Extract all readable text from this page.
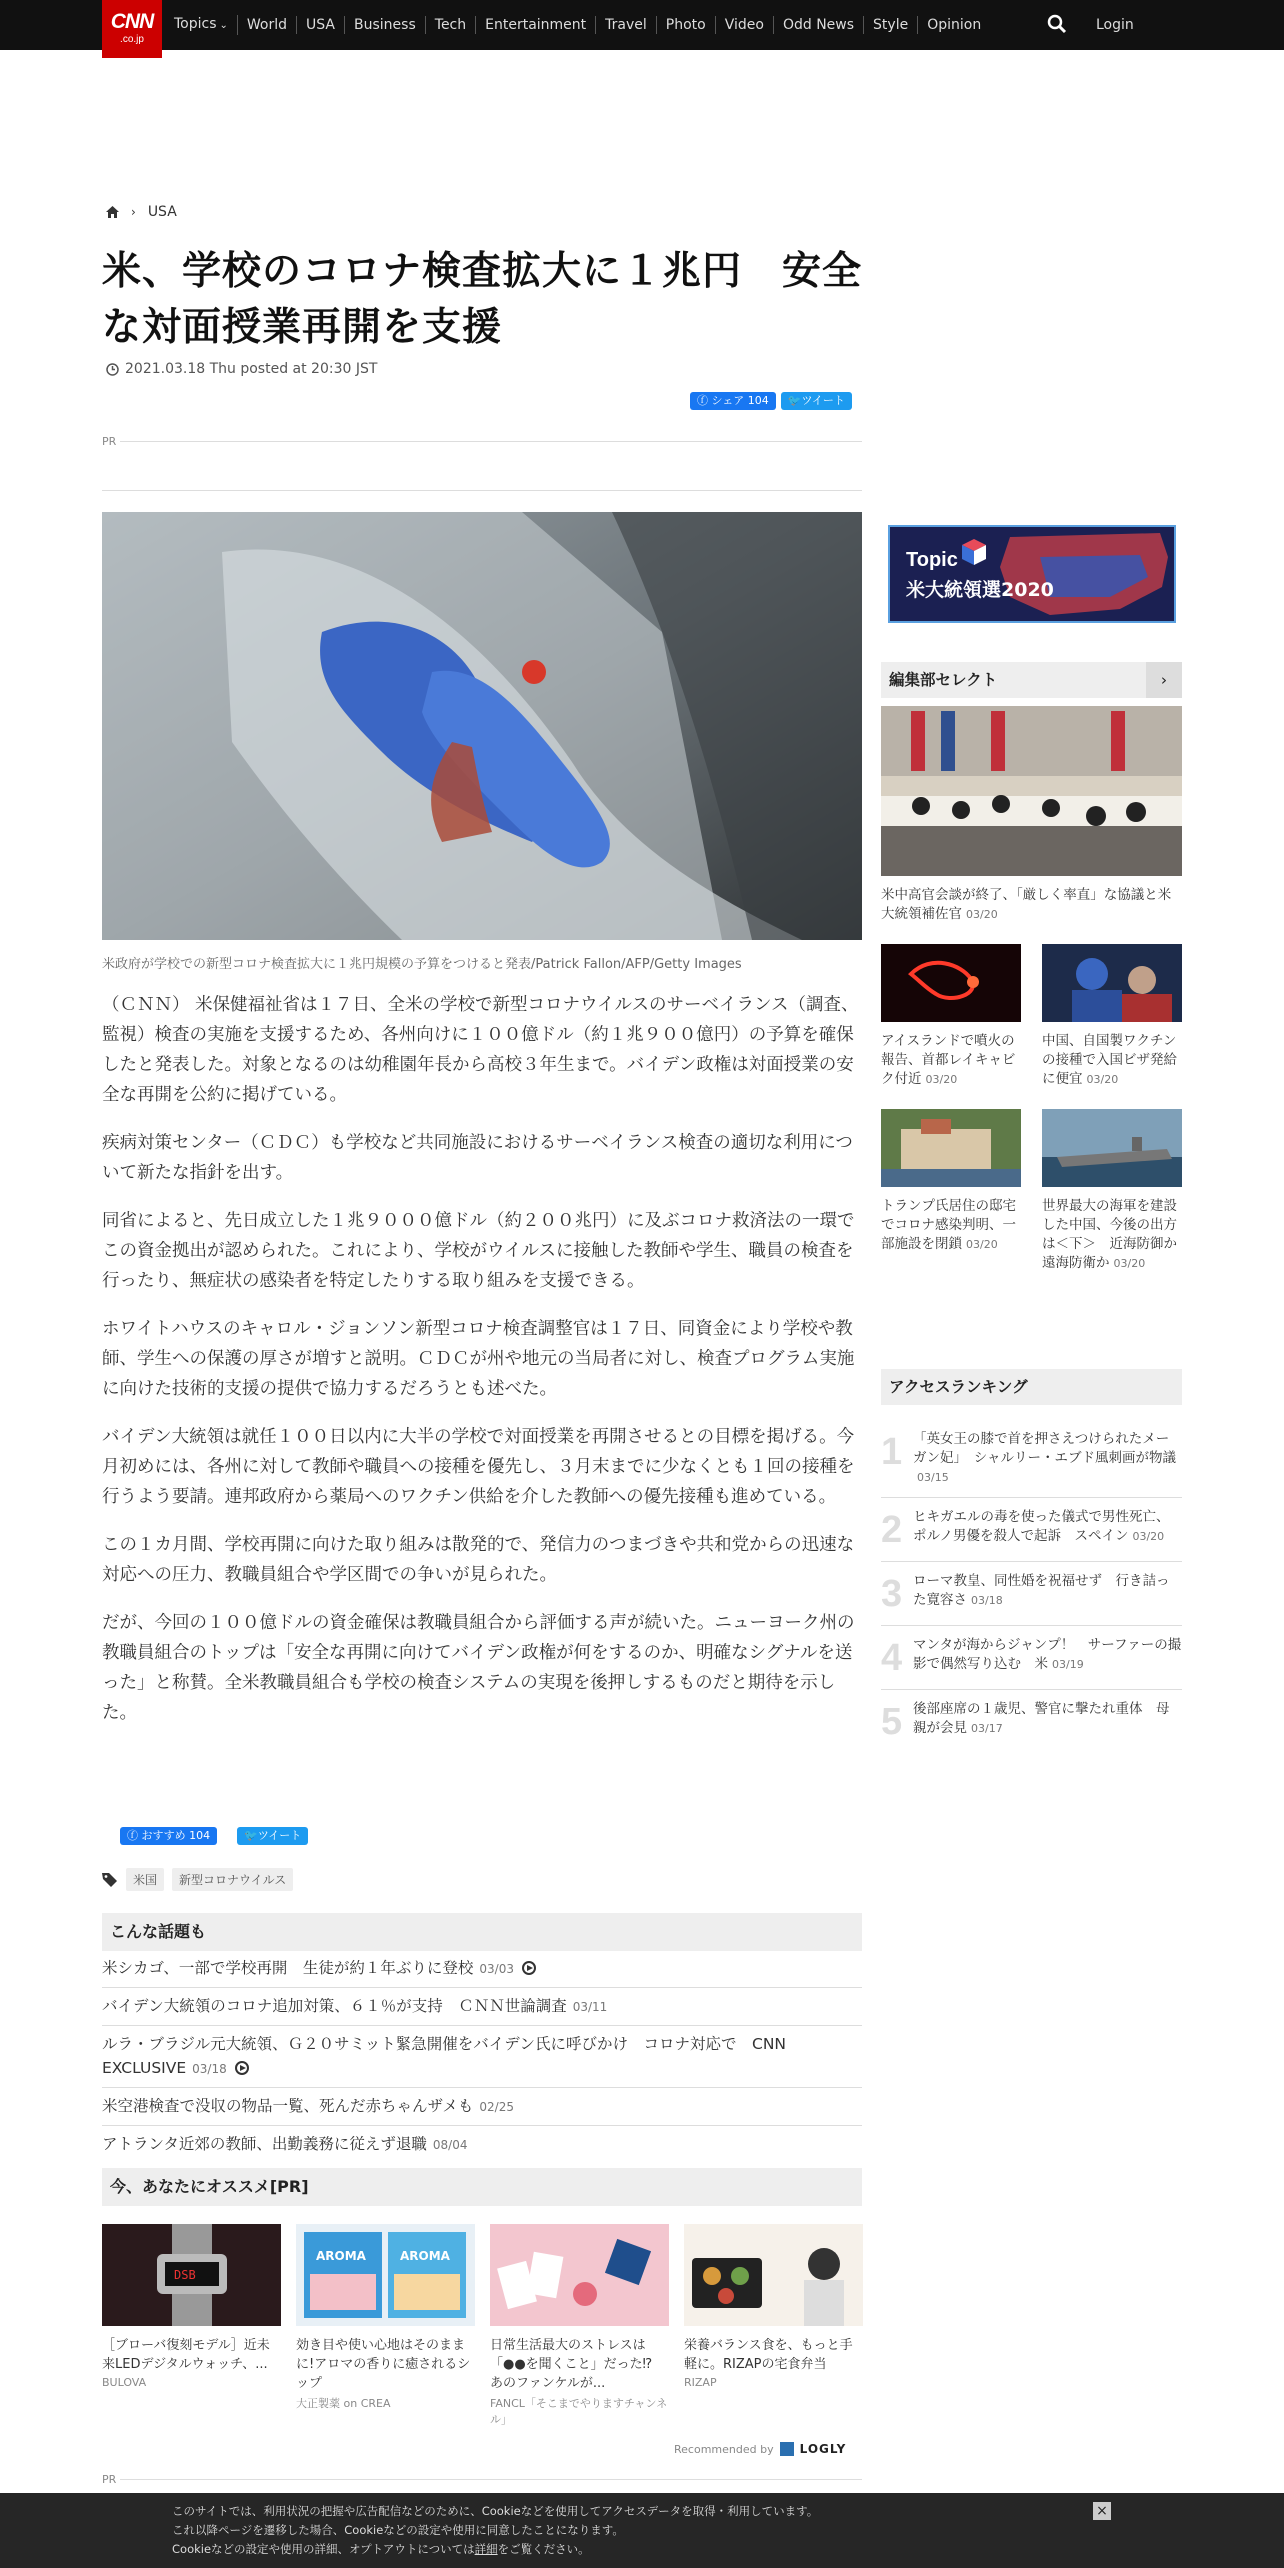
CNN
.co.jp
Topics ⌄	World	USA	Business	Tech	Entertainment	Travel	Photo	Video	Odd News	Style	Opinion	Login
› USA
米、学校のコロナ検査拡大に１兆円　安全な対面授業再開を支援
2021.03.18 Thu posted at 20:30 JST
ⓕ シェア 104	🐦ツイート
PR
米政府が学校での新型コロナ検査拡大に１兆円規模の予算をつけると発表/Patrick Fallon/AFP/Getty Images

（ＣＮＮ） 米保健福祉省は１７日、全米の学校で新型コロナウイルスのサーベイランス（調査、監視）検査の実施を支援するため、各州向けに１００億ドル（約１兆９００億円）の予算を確保したと発表した。対象となるのは幼稚園年長から高校３年生まで。バイデン政権は対面授業の安全な再開を公約に掲げている。

疾病対策センター（ＣＤＣ）も学校など共同施設におけるサーベイランス検査の適切な利用について新たな指針を出す。

同省によると、先日成立した１兆９０００億ドル（約２００兆円）に及ぶコロナ救済法の一環でこの資金拠出が認められた。これにより、学校がウイルスに接触した教師や学生、職員の検査を行ったり、無症状の感染者を特定したりする取り組みを支援できる。

ホワイトハウスのキャロル・ジョンソン新型コロナ検査調整官は１７日、同資金により学校や教師、学生への保護の厚さが増すと説明。ＣＤＣが州や地元の当局者に対し、検査プログラム実施に向けた技術的支援の提供で協力するだろうとも述べた。

バイデン大統領は就任１００日以内に大半の学校で対面授業を再開させるとの目標を掲げる。今月初めには、各州に対して教師や職員への接種を優先し、３月末までに少なくとも１回の接種を行うよう要請。連邦政府から薬局へのワクチン供給を介した教師への優先接種も進めている。

この１カ月間、学校再開に向けた取り組みは散発的で、発信力のつまづきや共和党からの迅速な対応への圧力、教職員組合や学区間での争いが見られた。

だが、今回の１００億ドルの資金確保は教職員組合から評価する声が続いた。ニューヨーク州の教職員組合のトップは「安全な再開に向けてバイデン政権が何をするのか、明確なシグナルを送った」と称賛。全米教職員組合も学校の検査システムの実現を後押しするものだと期待を示した。

ⓕ おすすめ 104	🐦ツイート
米国	新型コロナウイルス
こんな話題も
米シカゴ、一部で学校再開　生徒が約１年ぶりに登校 03/03
バイデン大統領のコロナ追加対策、６１％が支持　ＣＮＮ世論調査 03/11
ルラ・ブラジル元大統領、Ｇ２０サミット緊急開催をバイデン氏に呼びかけ　コロナ対応で　CNN EXCLUSIVE 03/18
米空港検査で没収の物品一覧、死んだ赤ちゃんザメも 02/25
アトランタ近郊の教師、出勤義務に従えず退職 08/04
今、あなたにオススメ[PR]
DSB
［ブローバ復刻モデル］近未来LEDデジタルウォッチ、...
BULOVA
AROMA	AROMA
効き目や使い心地はそのままに!アロマの香りに癒されるシップ
大正製薬 on CREA
日常生活最大のストレスは「●●を聞くこと」だった⁉ あのファンケルが...
FANCL「そこまでやりますチャンネル」
栄養バランス食を、もっと手軽に。RIZAPの宅食弁当
RIZAP
Recommended by LOGLY
PR
Topic
米大統領選2020
編集部セレクト	›
米中高官会談が終了、「厳しく率直」な協議と米大統領補佐官 03/20
アイスランドで噴火の報告、首都レイキャビク付近 03/20
中国、自国製ワクチンの接種で入国ビザ発給に便宜 03/20
トランプ氏居住の邸宅でコロナ感染判明、一部施設を閉鎖 03/20
世界最大の海軍を建設した中国、今後の出方は＜下＞　近海防御か遠海防衛か 03/20
アクセスランキング
1 「英女王の膝で首を押さえつけられたメーガン妃」　シャルリー・エブド風刺画が物議03/15
2 ヒキガエルの毒を使った儀式で男性死亡、ポルノ男優を殺人で起訴　スペイン 03/20
3 ローマ教皇、同性婚を祝福せず　行き詰った寛容さ 03/18
4 マンタが海からジャンプ！　サーファーの撮影で偶然写り込む　米 03/19
5 後部座席の１歳児、警官に撃たれ重体　母親が会見 03/17
このサイトでは、利用状況の把握や広告配信などのために、Cookieなどを使用してアクセスデータを取得・利用しています。
これ以降ページを遷移した場合、Cookieなどの設定や使用に同意したことになります。
Cookieなどの設定や使用の詳細、オプトアウトについては詳細をご覧ください。
×
